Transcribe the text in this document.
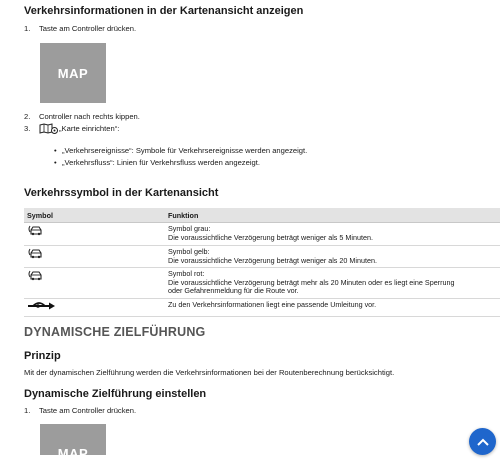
Verkehrsinformationen in der Kartenansicht anzeigen
1.	Taste am Controller drücken.
MAP
2.	Controller nach rechts kippen.
3.	„Karte einrichten“:
• „Verkehrsereignisse“: Symbole für Verkehrsereignisse werden angezeigt.
• „Verkehrsfluss“: Linien für Verkehrsfluss werden angezeigt.
Verkehrssymbol in der Kartenansicht
Symbol	Funktion

Symbol grau:
Die voraussichtliche Verzögerung beträgt weniger als 5 Minuten.

Symbol gelb:
Die voraussichtliche Verzögerung beträgt weniger als 20 Minuten.

Symbol rot:
Die voraussichtliche Verzögerung beträgt mehr als 20 Minuten oder es liegt eine Sperrung
oder Gefahrenmeldung für die Route vor.

Zu den Verkehrsinformationen liegt eine passende Umleitung vor.
DYNAMISCHE ZIELFÜHRUNG
Prinzip
Mit der dynamischen Zielführung werden die Verkehrsinformationen bei der Routenberechnung berücksichtigt.
Dynamische Zielführung einstellen
1.	Taste am Controller drücken.
MAP
